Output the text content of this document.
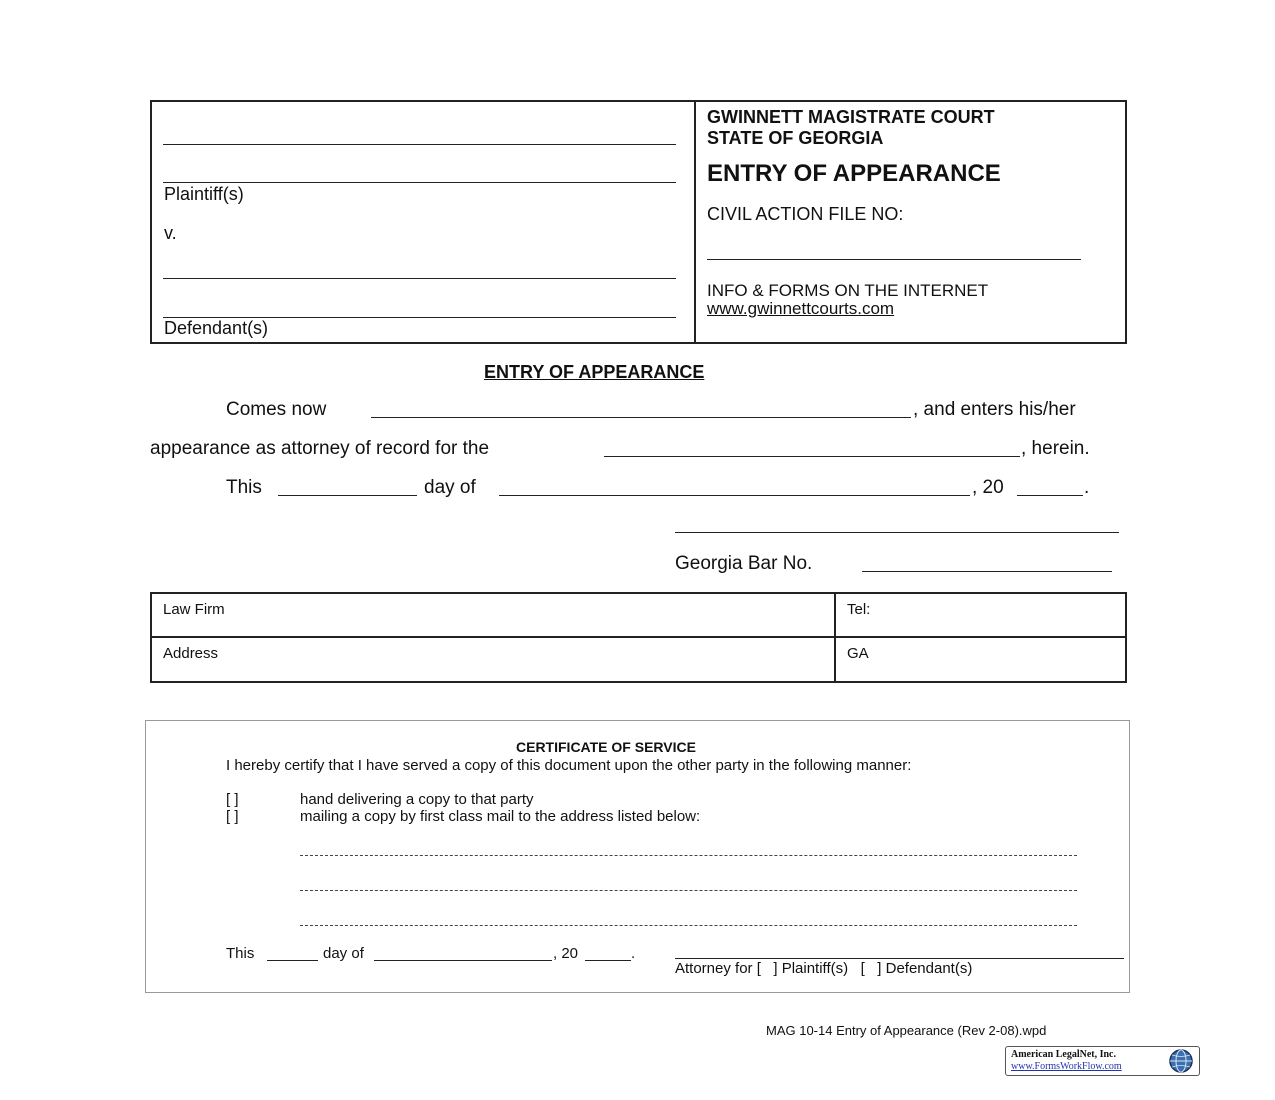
Plaintiff(s)
v.
Defendant(s)
GWINNETT MAGISTRATE COURT
STATE OF GEORGIA
ENTRY OF APPEARANCE
CIVIL ACTION FILE NO:
INFO & FORMS ON THE INTERNET
www.gwinnettcourts.com
ENTRY OF APPEARANCE
Comes now	, and enters his/her
appearance as attorney of record for the	, herein.
This	day of	, 20	.
Georgia Bar No.
Law Firm	Tel:
Address	GA
CERTIFICATE OF SERVICE
I hereby certify that I have served a copy of this document upon the other party in the following manner:
[ ]	hand delivering a copy to that party
[ ]	mailing a copy by first class mail to the address listed below:
This	day of	, 20	.
Attorney for [   ] Plaintiff(s)   [   ] Defendant(s)
MAG 10-14 Entry of Appearance (Rev 2-08).wpd
American LegalNet, Inc.
www.FormsWorkFlow.com
